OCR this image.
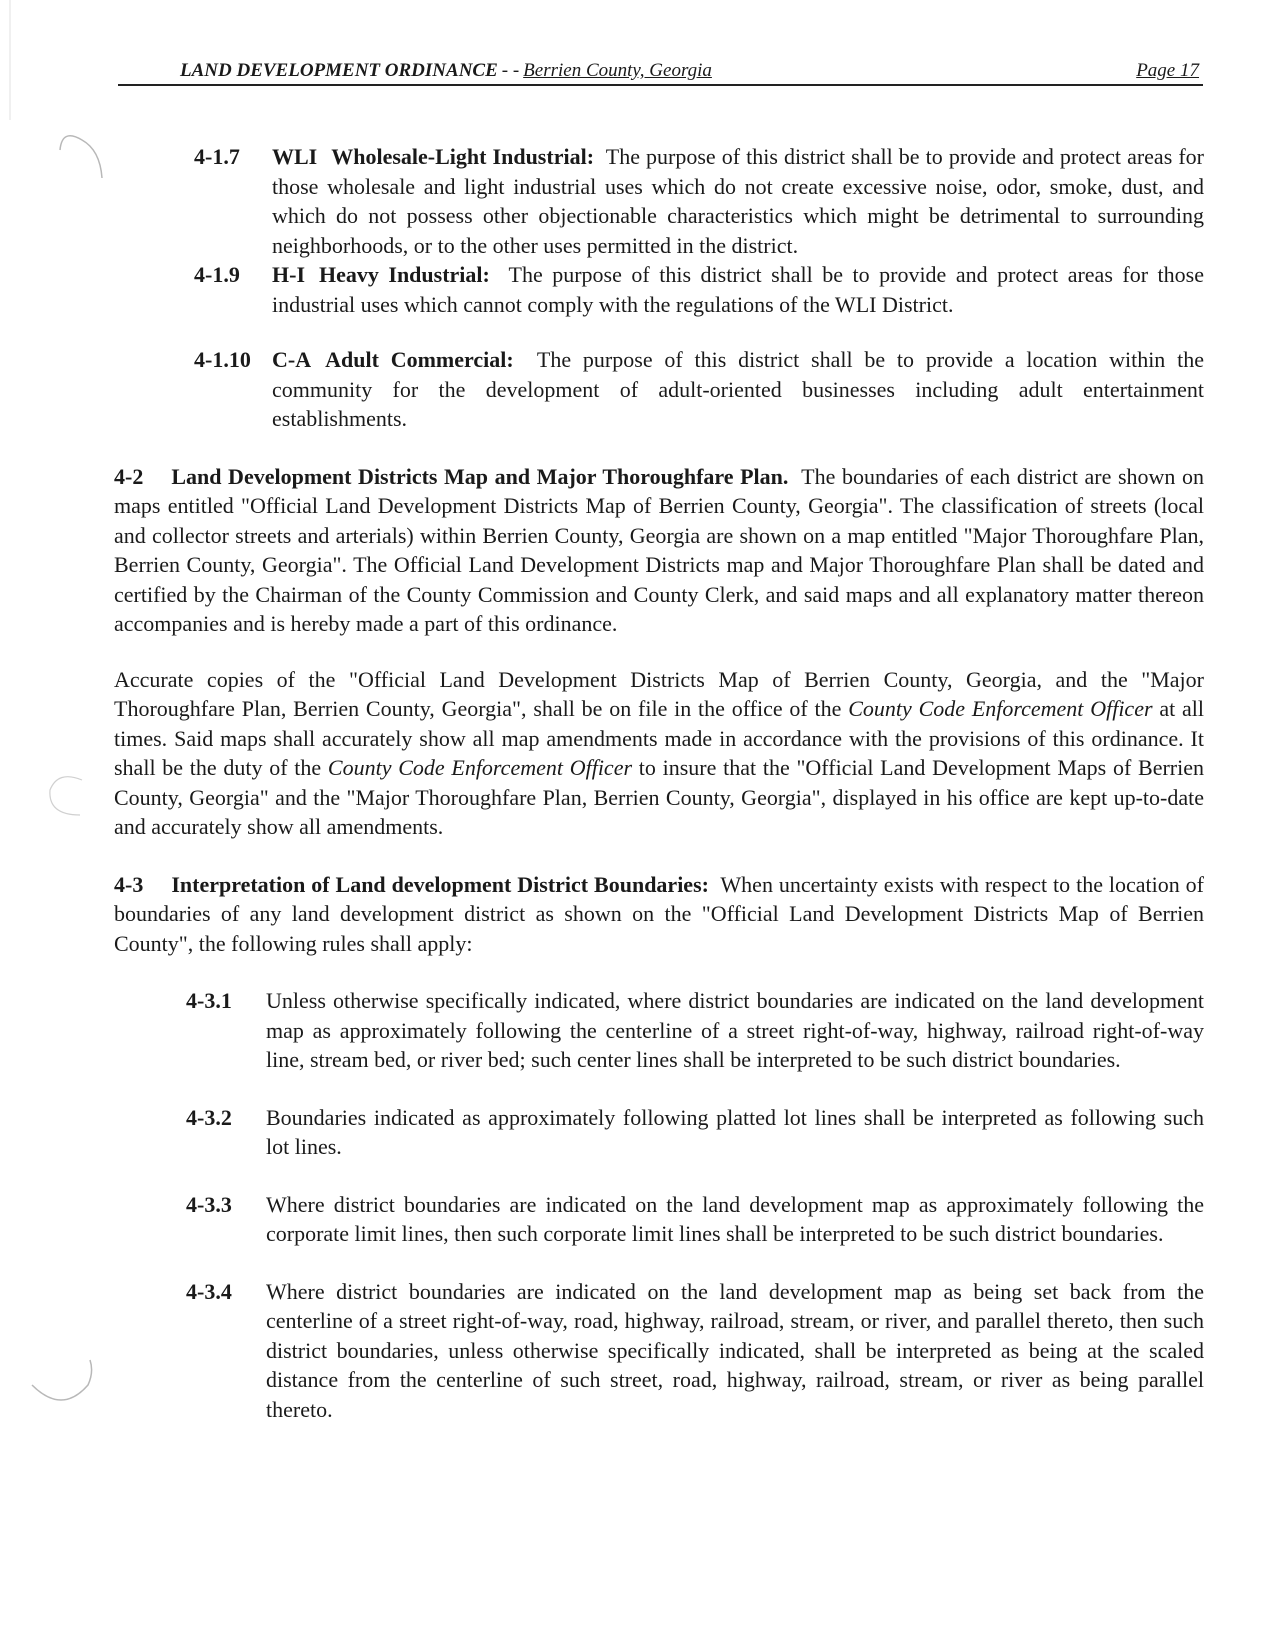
LAND DEVELOPMENT ORDINANCE - - Berrien County, Georgia	Page 17
4-1.7 WLI Wholesale-Light Industrial: The purpose of this district shall be to provide and protect areas for those wholesale and light industrial uses which do not create excessive noise, odor, smoke, dust, and which do not possess other objectionable characteristics which might be detrimental to surrounding neighborhoods, or to the other uses permitted in the district.

4-1.9 H-I Heavy Industrial: The purpose of this district shall be to provide and protect areas for those industrial uses which cannot comply with the regulations of the WLI District.

4-1.10 C-A Adult Commercial: The purpose of this district shall be to provide a location within the community for the development of adult-oriented businesses including adult entertainment establishments.

4-2 Land Development Districts Map and Major Thoroughfare Plan. The boundaries of each district are shown on maps entitled "Official Land Development Districts Map of Berrien County, Georgia". The classification of streets (local and collector streets and arterials) within Berrien County, Georgia are shown on a map entitled "Major Thoroughfare Plan, Berrien County, Georgia". The Official Land Development Districts map and Major Thoroughfare Plan shall be dated and certified by the Chairman of the County Commission and County Clerk, and said maps and all explanatory matter thereon accompanies and is hereby made a part of this ordinance.

Accurate copies of the "Official Land Development Districts Map of Berrien County, Georgia, and the "Major Thoroughfare Plan, Berrien County, Georgia", shall be on file in the office of the County Code Enforcement Officer at all times. Said maps shall accurately show all map amendments made in accordance with the provisions of this ordinance. It shall be the duty of the County Code Enforcement Officer to insure that the "Official Land Development Maps of Berrien County, Georgia" and the "Major Thoroughfare Plan, Berrien County, Georgia", displayed in his office are kept up-to-date and accurately show all amendments.

4-3 Interpretation of Land development District Boundaries: When uncertainty exists with respect to the location of boundaries of any land development district as shown on the "Official Land Development Districts Map of Berrien County", the following rules shall apply:

4-3.1 Unless otherwise specifically indicated, where district boundaries are indicated on the land development map as approximately following the centerline of a street right-of-way, highway, railroad right-of-way line, stream bed, or river bed; such center lines shall be interpreted to be such district boundaries.

4-3.2 Boundaries indicated as approximately following platted lot lines shall be interpreted as following such lot lines.

4-3.3 Where district boundaries are indicated on the land development map as approximately following the corporate limit lines, then such corporate limit lines shall be interpreted to be such district boundaries.

4-3.4 Where district boundaries are indicated on the land development map as being set back from the centerline of a street right-of-way, road, highway, railroad, stream, or river, and parallel thereto, then such district boundaries, unless otherwise specifically indicated, shall be interpreted as being at the scaled distance from the centerline of such street, road, highway, railroad, stream, or river as being parallel thereto.
